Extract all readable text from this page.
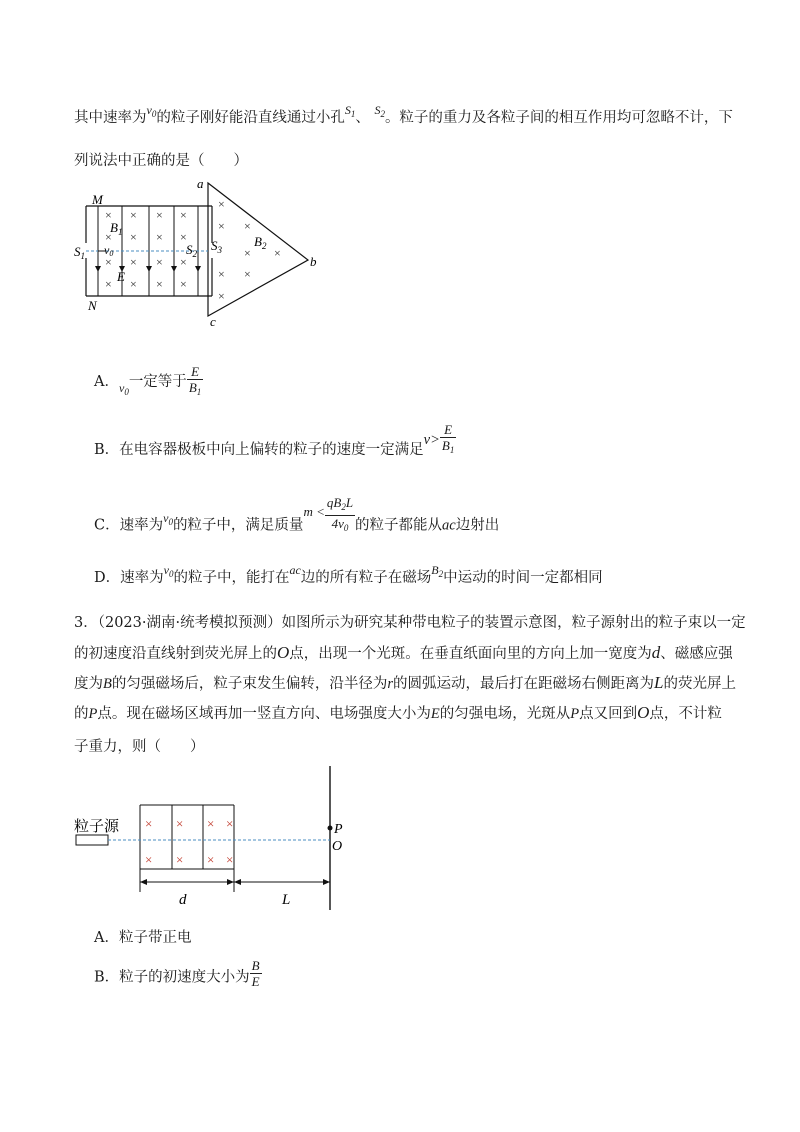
其中速率为$^{v_0}$的粒子刚好能沿直线通过小孔$^{S_1}$、 $^{S_2}$。粒子的重力及各粒子间的相互作用均可忽略不计，下
列说法中正确的是（　　）
× × × ×
× × × ×
× × × ×
× × × ×
×
× ×
× ×
× ×
×
M
N
a
b
c
$S_1$	$S_2$
$S_3$
$B_1$
$B_2$
v0
E
A．$_{v_0}$一定等于 $\frac{E}{B_1}$
B．在电容器极板中向上偏转的粒子的速度一定满足$v> \frac{E}{B_1}$
C．速率为$^{v_0}$的粒子中，满足质量$m < \frac{qB_2L}{4v_0}$ 的粒子都能从ac边射出
D．速率为$^{v_0}$的粒子中，能打在$^{ac}$边的所有粒子在磁场$^{B_2}$中运动的时间一定都相同
3．（2023·湖南·统考模拟预测）如图所示为研究某种带电粒子的装置示意图，粒子源射出的粒子束以一定
的初速度沿直线射到荧光屏上的O点，出现一个光斑。在垂直纸面向里的方向上加一宽度为d、磁感应强
度为B的匀强磁场后，粒子束发生偏转，沿半径为r的圆弧运动，最后打在距磁场右侧距离为L的荧光屏上
的P点。现在磁场区域再加一竖直方向、电场强度大小为E的匀强电场，光斑从P点又回到O点，不计粒
子重力，则（　　）
× × × ×
× × × ×
P
O
粒子源
d	L
A．粒子带正电
B．粒子的初速度大小为 $\frac{B}{E}$
